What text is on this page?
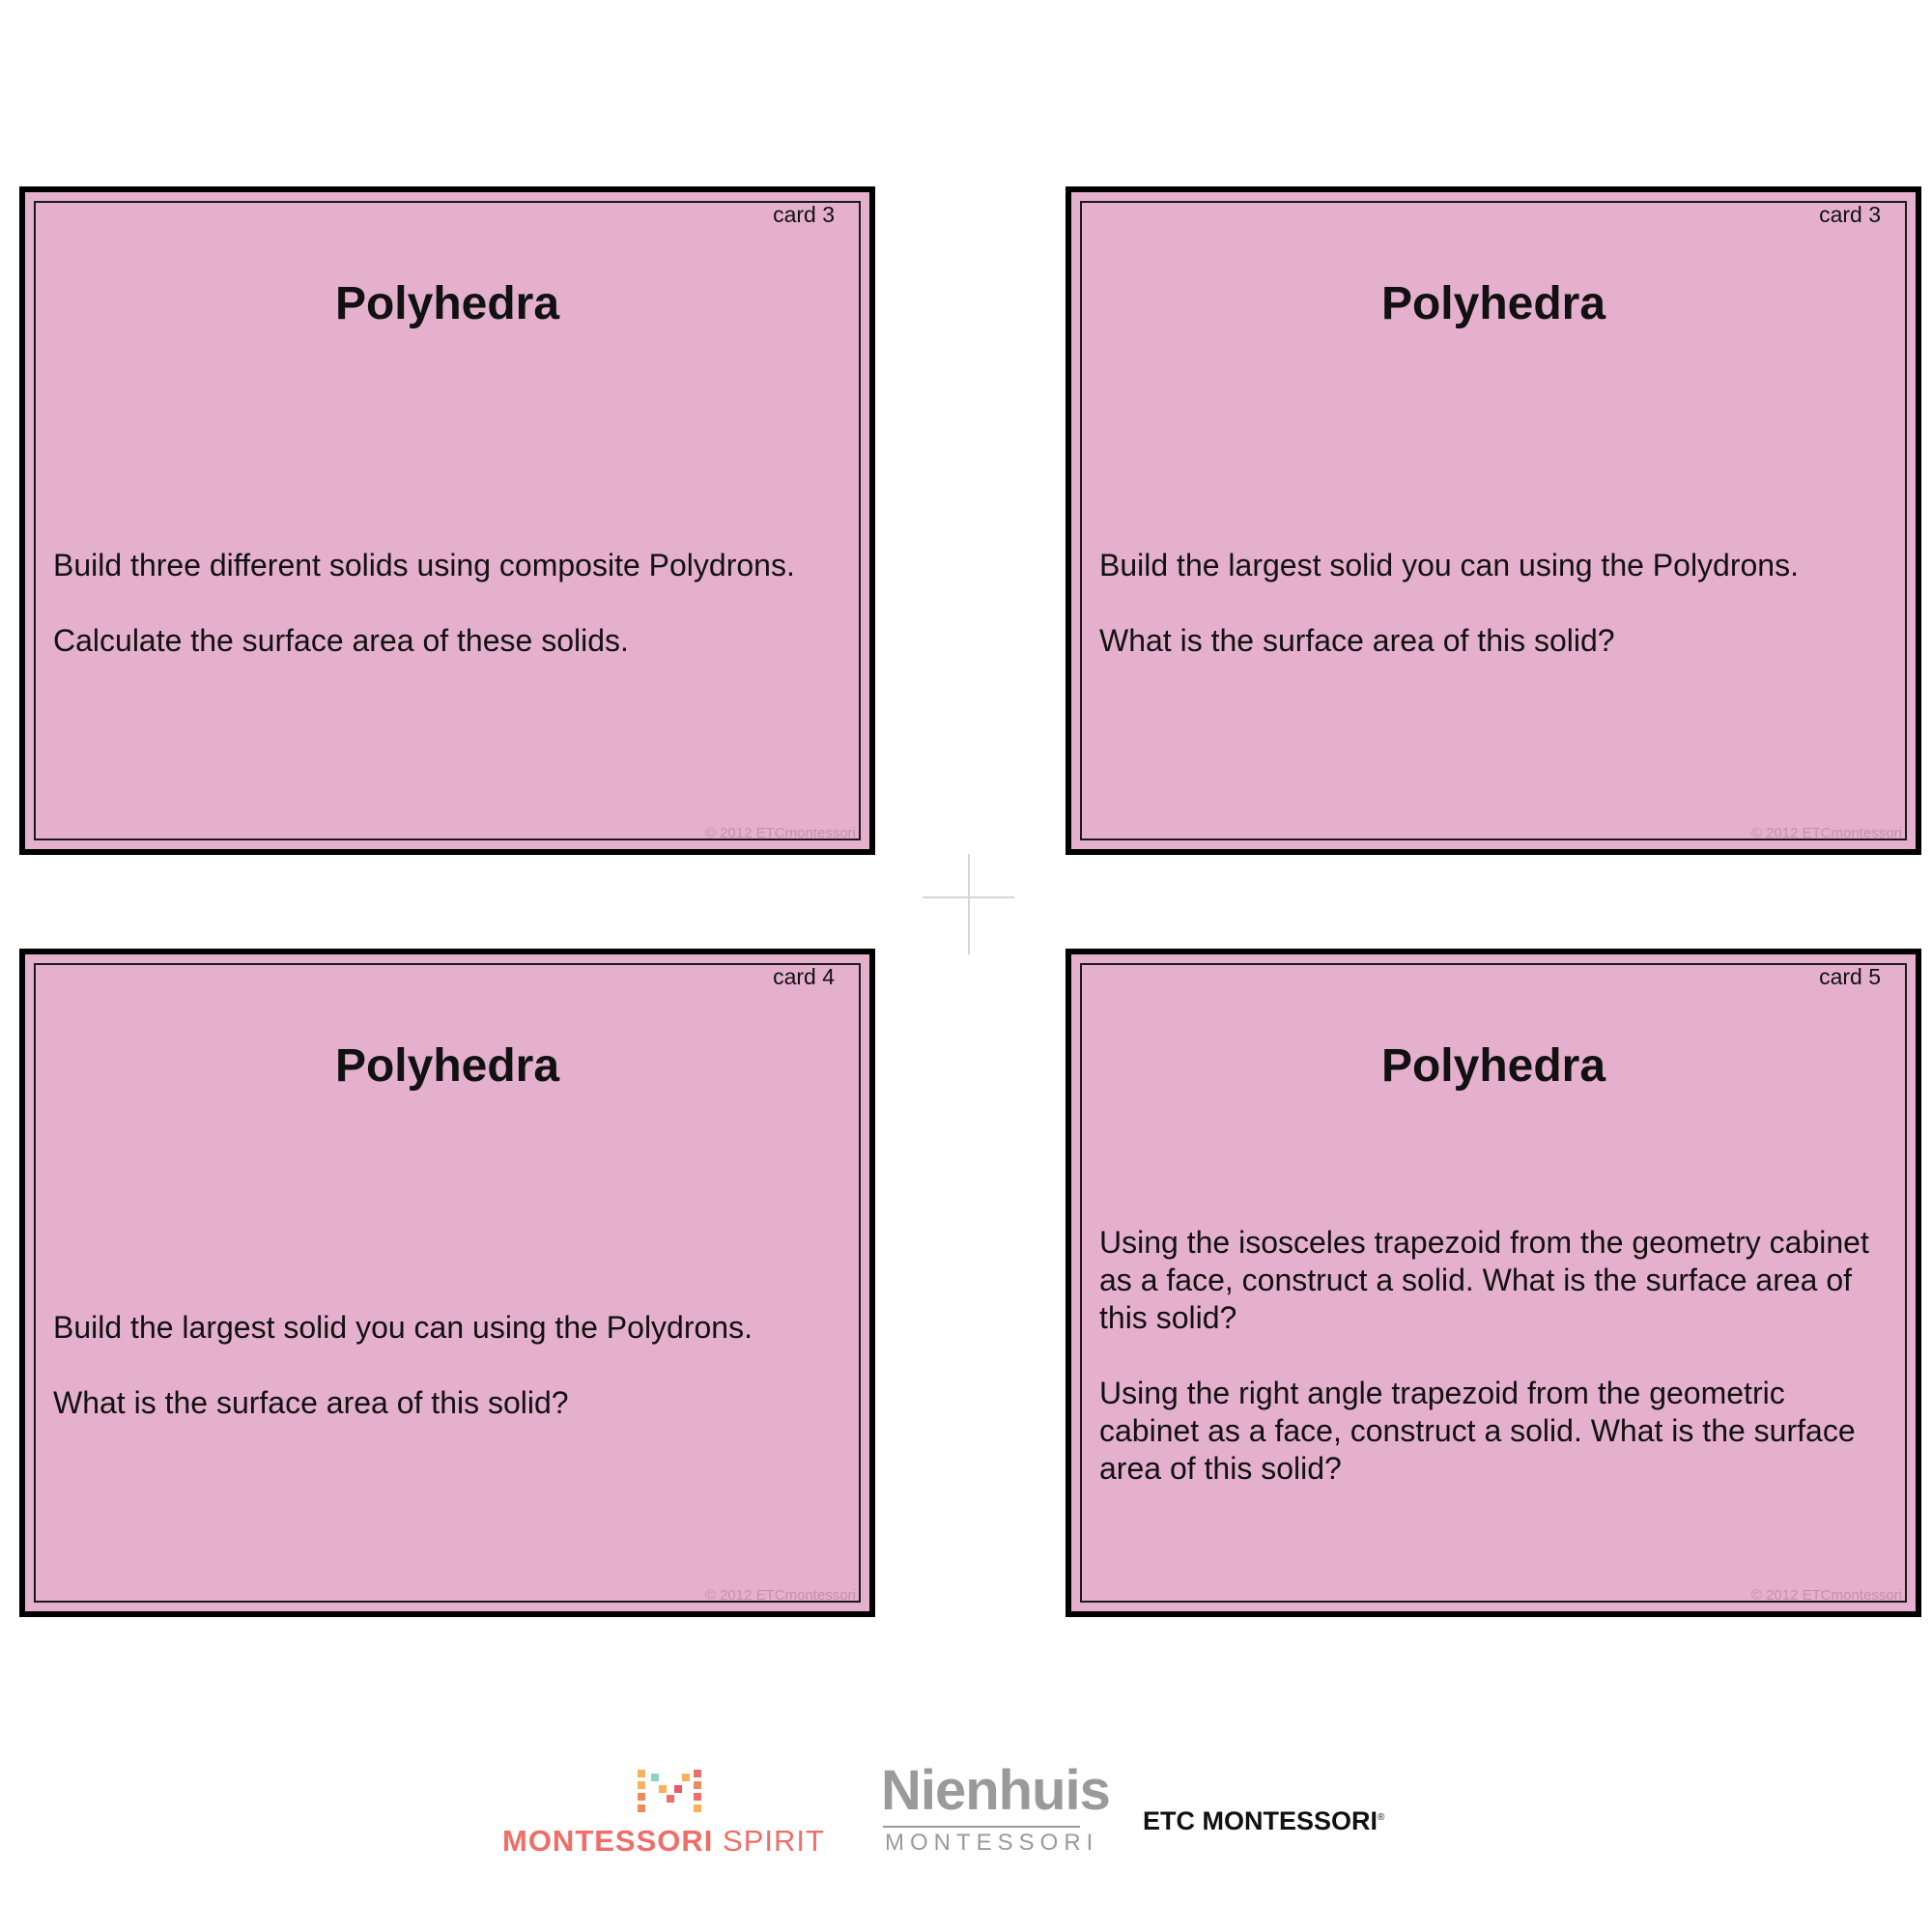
card 3
Polyhedra

Build three different solids using composite Polydrons.

Calculate the surface area of these solids.

© 2012 ETCmontessori
card 3
Polyhedra

Build the largest solid you can using the Polydrons.

What is the surface area of this solid?

© 2012 ETCmontessori
card 4
Polyhedra

Build the largest solid you can using the Polydrons.

What is the surface area of this solid?

© 2012 ETCmontessori
card 5
Polyhedra

Using the isosceles trapezoid from the geometry cabinet as a face, construct a solid. What is the surface area of this solid?

Using the right angle trapezoid from the geometric cabinet as a face, construct a solid. What is the surface area of this solid?

© 2012 ETCmontessori
MONTESSORI SPIRIT
Nienhuis
MONTESSORI
ETC MONTESSORI®
